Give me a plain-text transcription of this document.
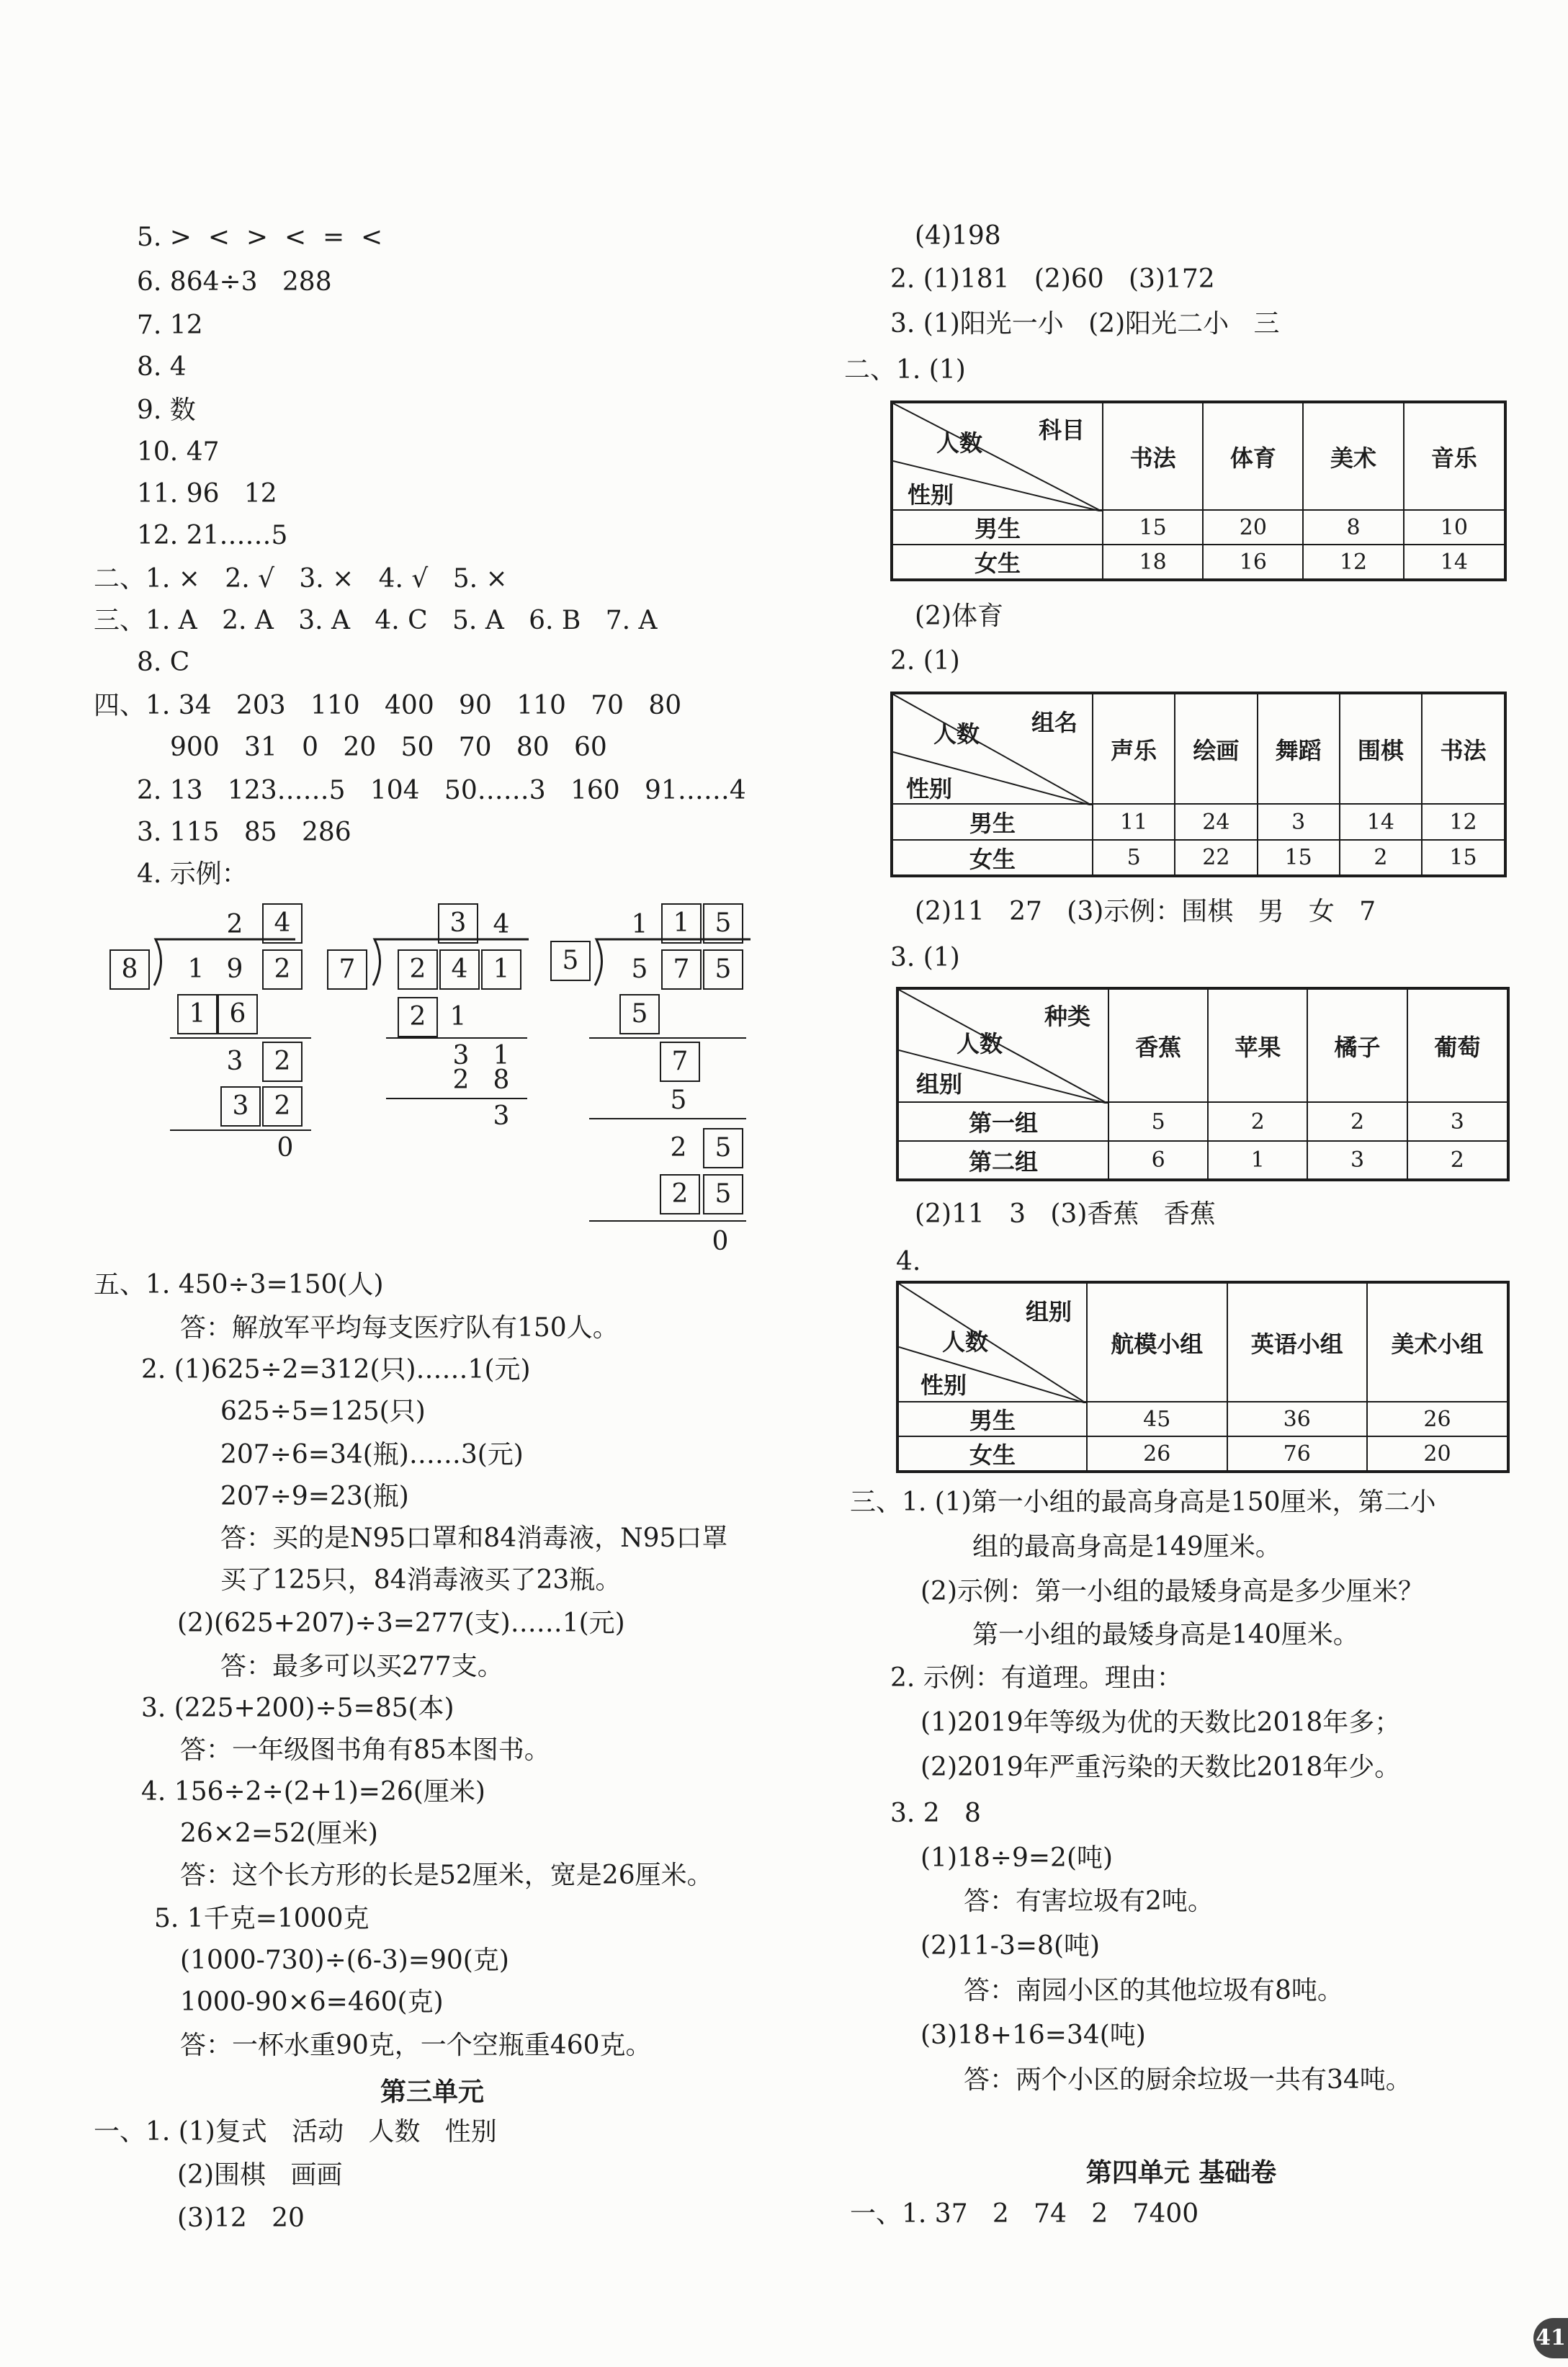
5. >  <  >  <  =  <
6. 864÷3   288
7. 12
8. 4
9. 数
10. 47
11. 96   12
12. 21……5
二、1. ×   2. √   3. ×   4. √   5. ×
三、1. A   2. A   3. A   4. C   5. A   6. B   7. A
8. C
四、1. 34   203   110   400   90   110   70   80
900   31   0   20   50   70   80   60
2. 13   123……5   104   50……3   160   91……4
3. 115   85   286
4. 示例：
2	4
8	1 9	2
1 6
3	2
3 2
0
3	4
7	2 4 1
2 1
3 1
2 8
3
1 1 5
5	5 7 5
5
7
5
2	5
2	5
0
五、1. 450÷3=150(人)
答：解放军平均每支医疗队有150人。
2. (1)625÷2=312(只)……1(元)
625÷5=125(只)
207÷6=34(瓶)……3(元)
207÷9=23(瓶)
答：买的是N95口罩和84消毒液，N95口罩
买了125只，84消毒液买了23瓶。
(2)(625+207)÷3=277(支)……1(元)
答：最多可以买277支。
3. (225+200)÷5=85(本)
答：一年级图书角有85本图书。
4. 156÷2÷(2+1)=26(厘米)
26×2=52(厘米)
答：这个长方形的长是52厘米，宽是26厘米。
5. 1千克=1000克
(1000-730)÷(6-3)=90(克)
1000-90×6=460(克)
答：一杯水重90克，一个空瓶重460克。
第三单元
一、1. (1)复式   活动   人数   性别
(2)围棋   画画
(3)12   20
(4)198
2. (1)181   (2)60   (3)172
3. (1)阳光一小   (2)阳光二小   三
二、1. (1)
科目
人数
性别	书法	体育	美术	音乐
男生	15	20	8	10
女生	18	16	12	14
(2)体育
2. (1)
组名
人数
性别	声乐	绘画	舞蹈	围棋	书法
男生	11	24	3	14	12
女生	5	22	15	2	15
(2)11   27   (3)示例：围棋   男   女   7
3. (1)
种类
人数
组别	香蕉	苹果	橘子	葡萄
第一组	5	2	2	3
第二组	6	1	3	2
(2)11   3   (3)香蕉   香蕉
4.
组别
人数
性别	航模小组	英语小组	美术小组
男生	45	36	26
女生	26	76	20
三、1. (1)第一小组的最高身高是150厘米，第二小
组的最高身高是149厘米。
(2)示例：第一小组的最矮身高是多少厘米？
第一小组的最矮身高是140厘米。
2. 示例：有道理。理由：
(1)2019年等级为优的天数比2018年多；
(2)2019年严重污染的天数比2018年少。
3. 2   8
(1)18÷9=2(吨)
答：有害垃圾有2吨。
(2)11-3=8(吨)
答：南园小区的其他垃圾有8吨。
(3)18+16=34(吨)
答：两个小区的厨余垃圾一共有34吨。
第四单元 基础卷
一、1. 37   2   74   2   7400
41
